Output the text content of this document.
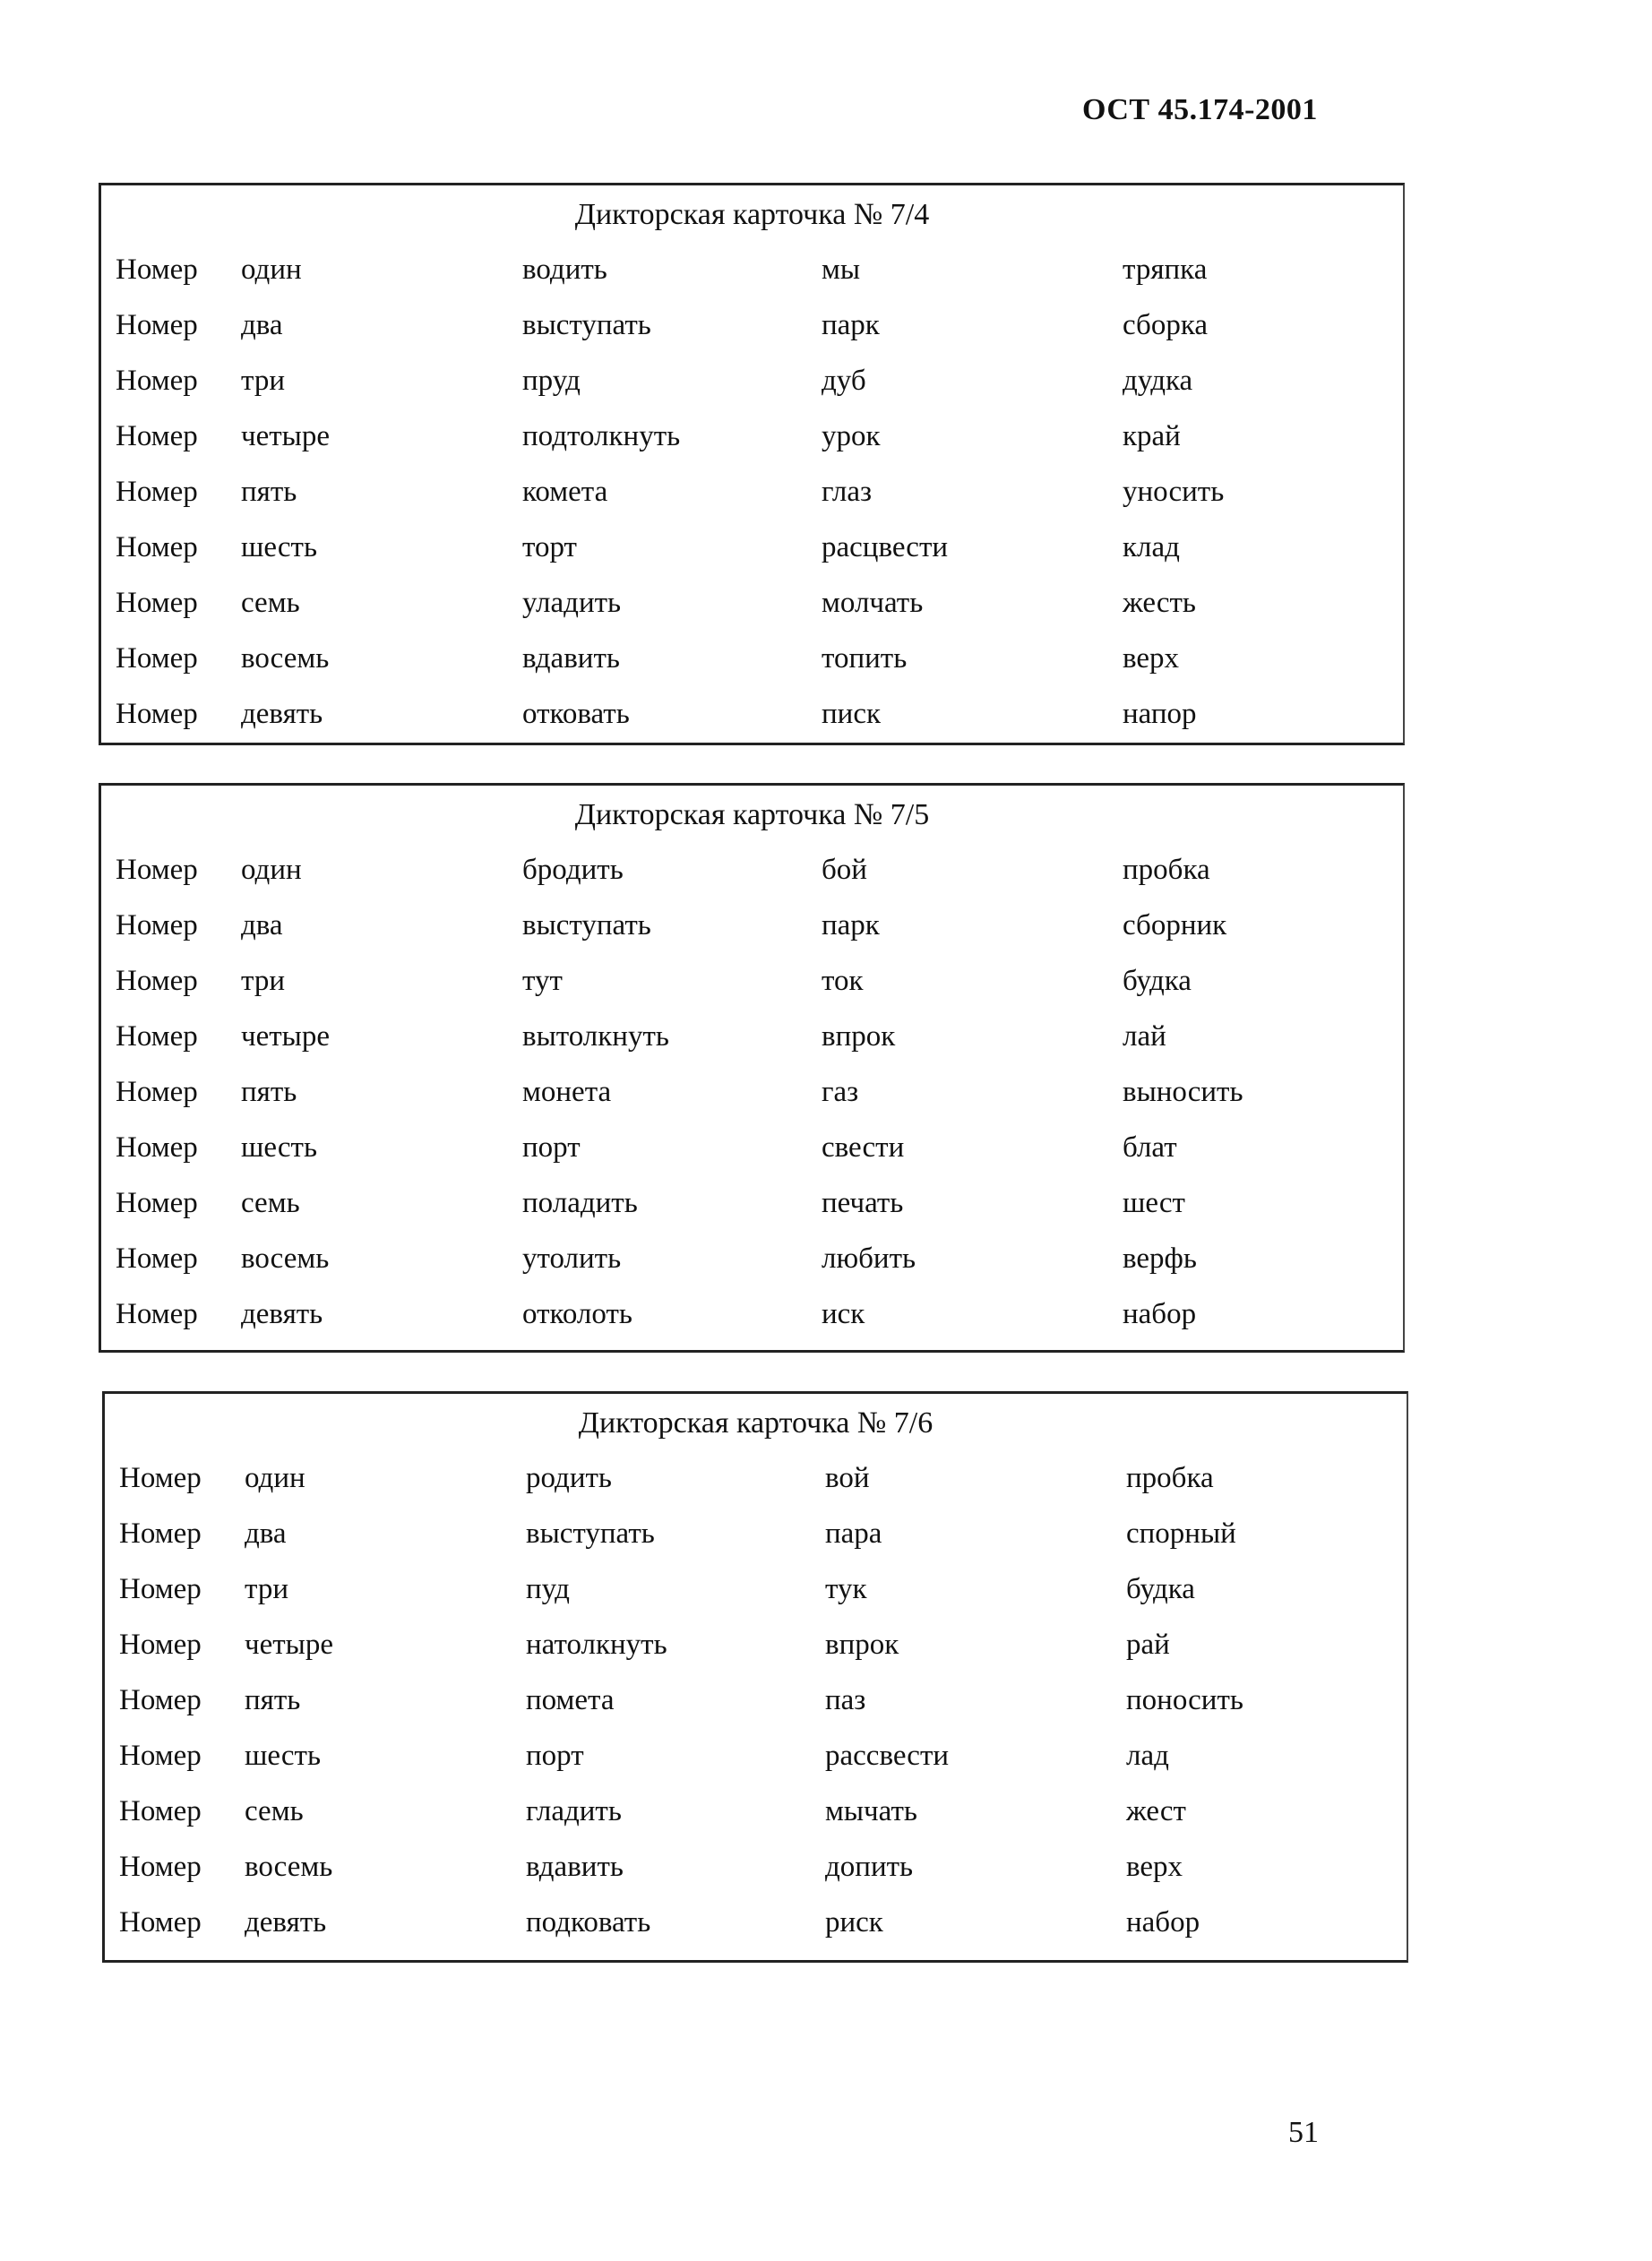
ОСТ 45.174-2001
Дикторская карточка № 7/4
Номер один	водить	мы	тряпка
Номер два	выступать	парк	сборка
Номер три	пруд	дуб	дудка
Номер четыре	подтолкнуть	урок	край
Номер пять	комета	глаз	уносить
Номер шесть	торт	расцвести	клад
Номер семь	уладить	молчать	жесть
Номер восемь	вдавить	топить	верх
Номер девять	отковать	писк	напор
Дикторская карточка № 7/5
Номер один	бродить	бой	пробка
Номер два	выступать	парк	сборник
Номер три	тут	ток	будка
Номер четыре	вытолкнуть	впрок	лай
Номер пять	монета	газ	выносить
Номер шесть	порт	свести	блат
Номер семь	поладить	печать	шест
Номер восемь	утолить	любить	верфь
Номер девять	отколоть	иск	набор
Дикторская карточка № 7/6
Номер один	родить	вой	пробка
Номер два	выступать	пара	спорный
Номер три	пуд	тук	будка
Номер четыре	натолкнуть	впрок	рай
Номер пять	помета	паз	поносить
Номер шесть	порт	рассвести	лад
Номер семь	гладить	мычать	жест
Номер восемь	вдавить	допить	верх
Номер девять	подковать	риск	набор
51
